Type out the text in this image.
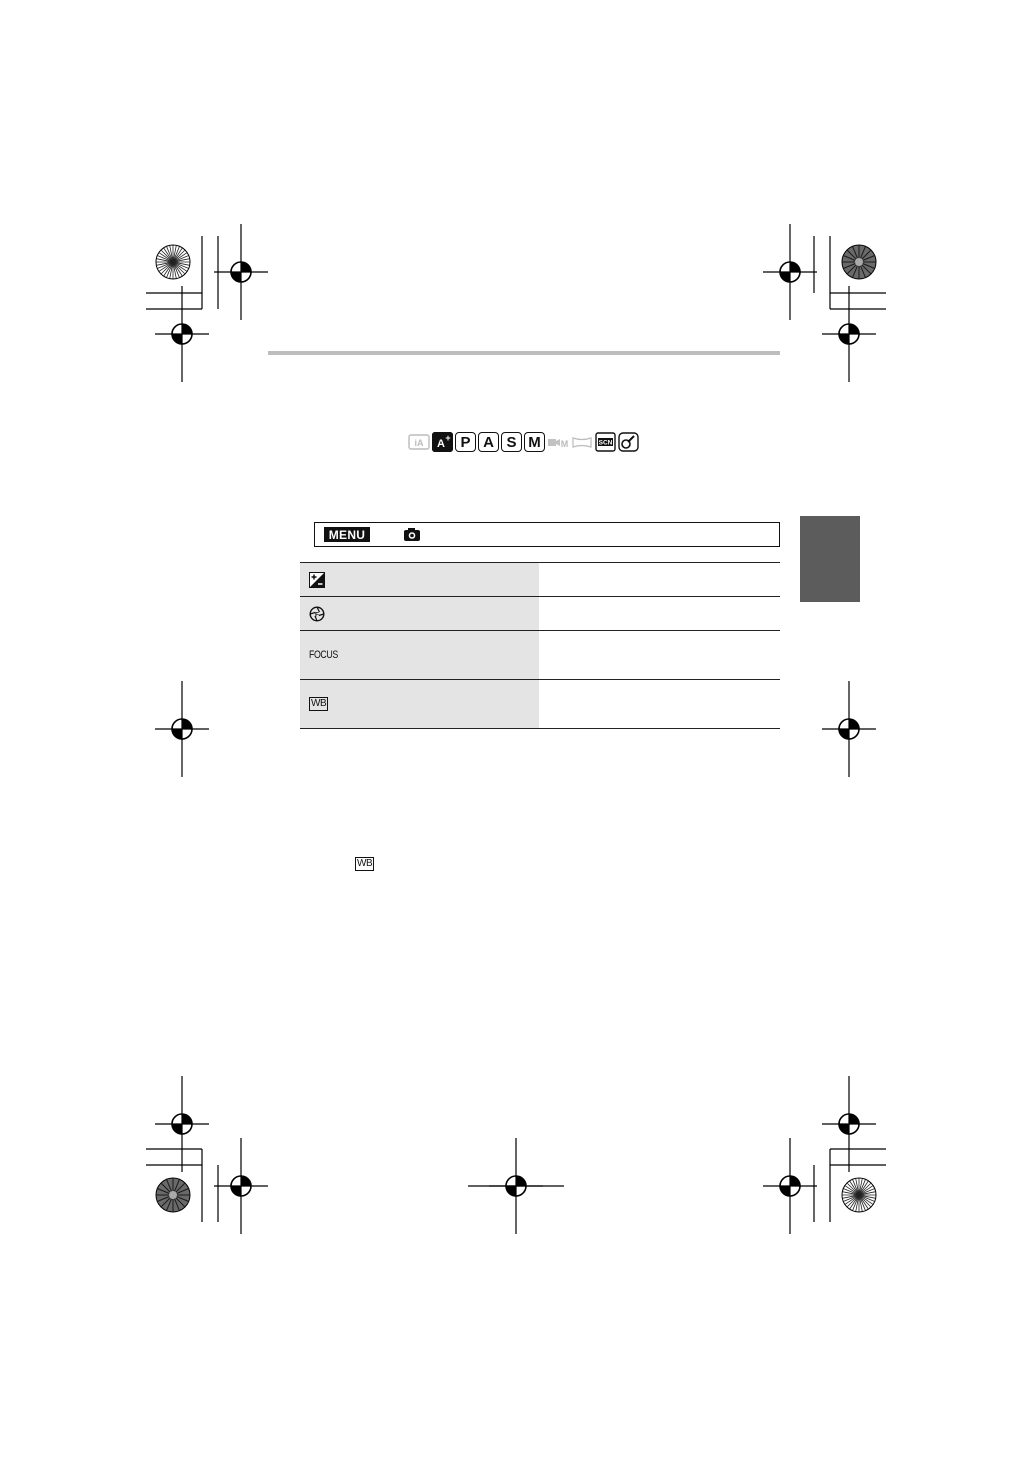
iA A + P A S M	M	SCN
MENU
F
FOCUS
WB
WB
